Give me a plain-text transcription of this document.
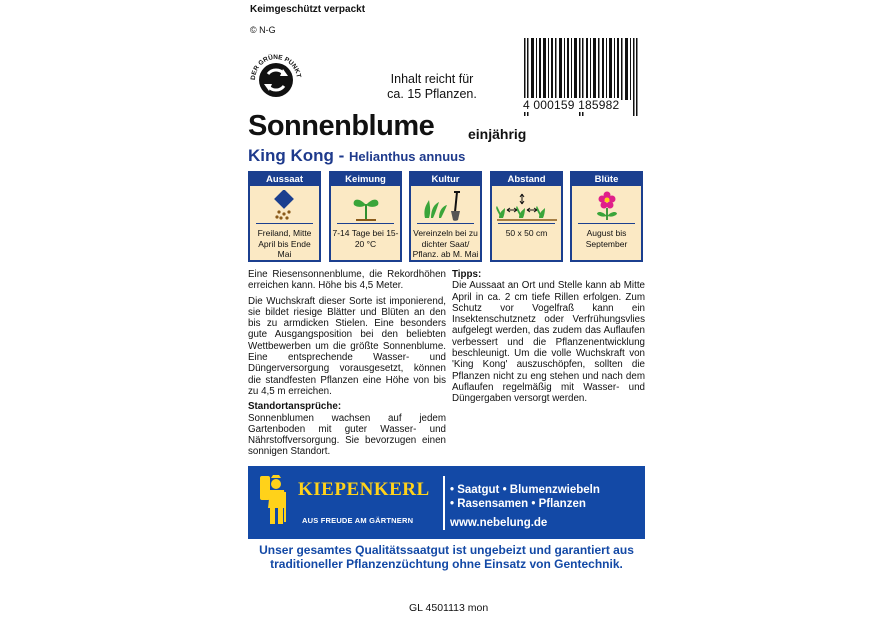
Keimgeschützt verpackt
© N-G
DER GRÜNE PUNKT	Inhalt reicht für
ca. 15 Pflanzen.
4 000159 185982
Sonnenblume einjährig
King Kong - Helianthus annuus
Aussaat
Freiland, Mitte April bis Ende Mai
Keimung
7-14 Tage bei 15-20 °C
Kultur
Vereinzeln bei zu dichter Saat/ Pflanz. ab M. Mai
Abstand
50 x 50 cm
Blüte
August bis September

Eine Riesensonnenblume, die Rekordhöhen erreichen kann. Höhe bis 4,5 Meter.

Die Wuchskraft dieser Sorte ist imponierend, sie bildet riesige Blätter und Blüten an den bis zu armdicken Stielen. Eine besonders gute Ausgangsposition bei den beliebten Wettbewerben um die größte Sonnenblume. Eine entsprechende Wasser- und Düngerversorgung vorausgesetzt, können die standfesten Pflanzen eine Höhe von bis zu 4,5 m erreichen.

Standortansprüche:

Sonnenblumen wachsen auf jedem Gartenboden mit guter Wasser- und Nährstoffversorgung. Sie bevorzugen einen sonnigen Standort.

Tipps:

Die Aussaat an Ort und Stelle kann ab Mitte April in ca. 2 cm tiefe Rillen erfolgen. Zum Schutz vor Vogelfraß kann ein Insektenschutznetz oder Verfrühungsvlies aufgelegt werden, das zudem das Auflaufen verbessert und die Pflanzenentwicklung beschleunigt. Um die volle Wuchskraft von 'King Kong' auszuschöpfen, sollten die Pflanzen nicht zu eng stehen und nach dem Auflaufen regelmäßig mit Wasser- und Düngergaben versorgt werden.

KIEPENKERL
AUS FREUDE AM GÄRTNERN
• Saatgut • Blumenzwiebeln
• Rasensamen • Pflanzen
www.nebelung.de
Unser gesamtes Qualitätssaatgut ist ungebeizt und garantiert aus traditioneller Pflanzenzüchtung ohne Einsatz von Gentechnik.
GL 4501113 mon
